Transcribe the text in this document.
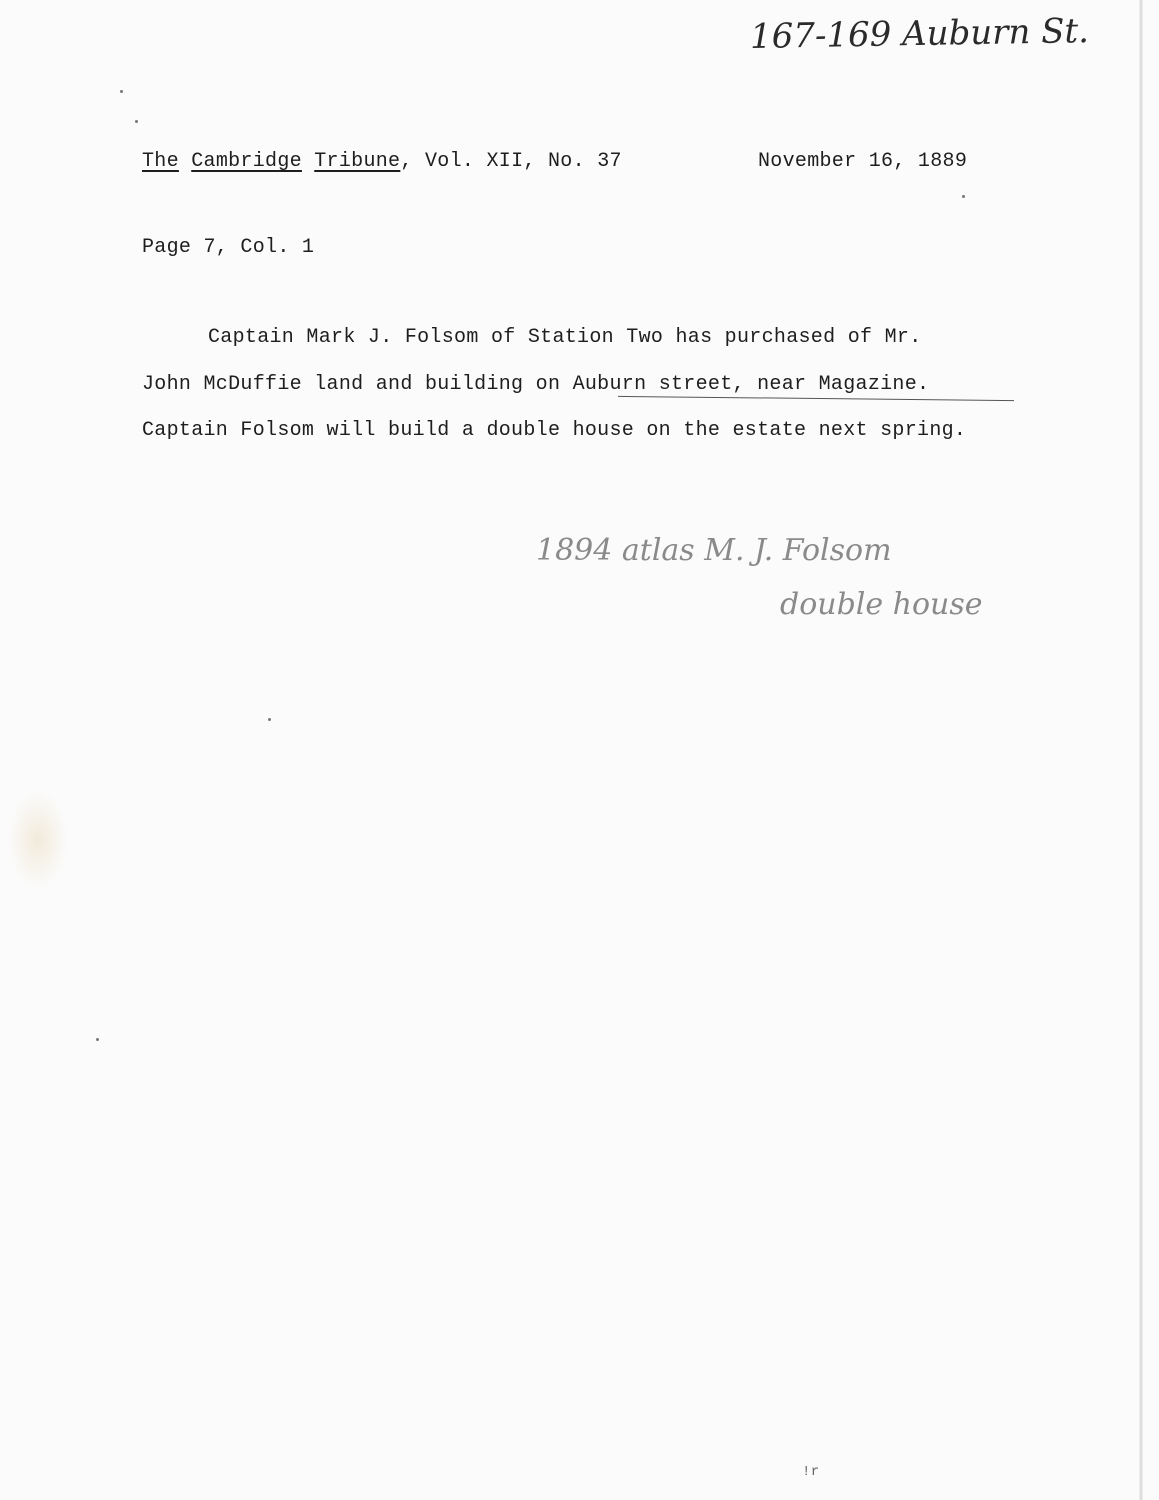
167-169 Auburn St.
The Cambridge Tribune, Vol. XII, No. 37	November 16, 1889
Page 7, Col. 1
Captain Mark J. Folsom of Station Two has purchased of Mr.
John McDuffie land and building on Auburn street, near Magazine.
Captain Folsom will build a double house on the estate next spring.
1894 atlas M. J. Folsom
double house
!r
